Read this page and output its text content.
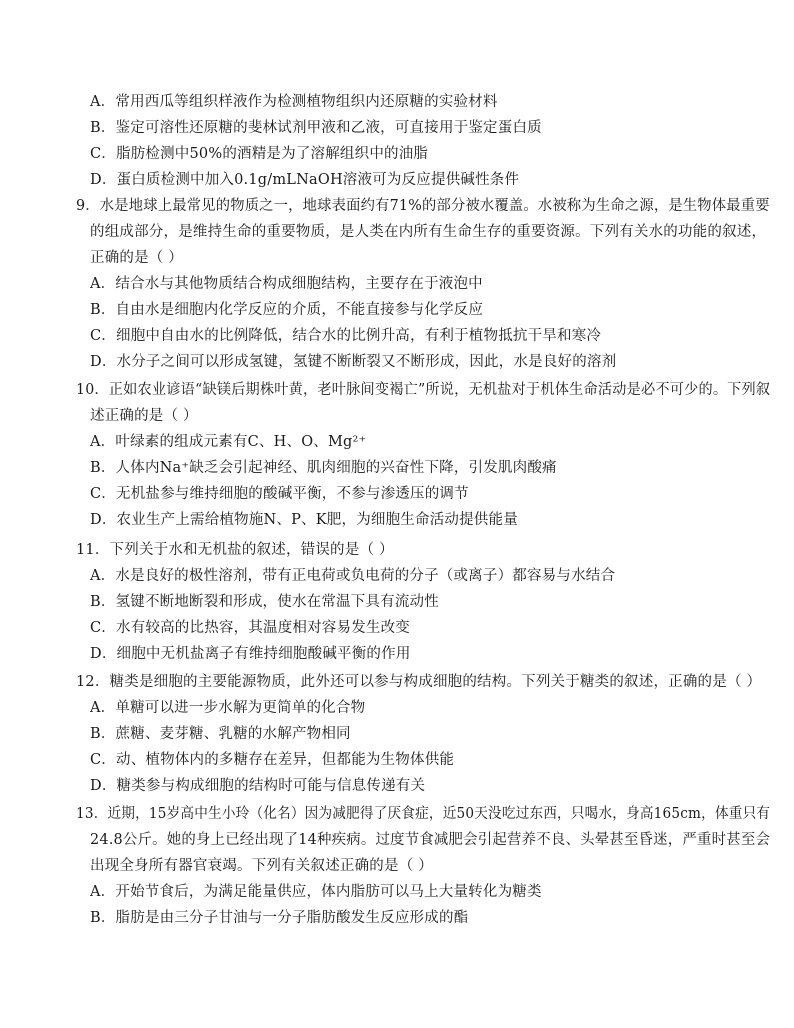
A．常用西瓜等组织样液作为检测植物组织内还原糖的实验材料
B．鉴定可溶性还原糖的斐林试剂甲液和乙液，可直接用于鉴定蛋白质
C．脂肪检测中50%的酒精是为了溶解组织中的油脂
D．蛋白质检测中加入0.1g/mLNaOH溶液可为反应提供碱性条件
9．水是地球上最常见的物质之一，地球表面约有71%的部分被水覆盖。水被称为生命之源，是生物体最重要
的组成部分，是维持生命的重要物质，是人类在内所有生命生存的重要资源。下列有关水的功能的叙述，
正确的是（ ）
A．结合水与其他物质结合构成细胞结构，主要存在于液泡中
B．自由水是细胞内化学反应的介质，不能直接参与化学反应
C．细胞中自由水的比例降低，结合水的比例升高，有利于植物抵抗干旱和寒冷
D．水分子之间可以形成氢键，氢键不断断裂又不断形成，因此，水是良好的溶剂
10．正如农业谚语“缺镁后期株叶黄，老叶脉间变褐亡”所说，无机盐对于机体生命活动是必不可少的。下列叙
述正确的是（ ）
A．叶绿素的组成元素有C、H、O、Mg²⁺
B．人体内Na⁺缺乏会引起神经、肌肉细胞的兴奋性下降，引发肌肉酸痛
C．无机盐参与维持细胞的酸碱平衡，不参与渗透压的调节
D．农业生产上需给植物施N、P、K肥，为细胞生命活动提供能量
11．下列关于水和无机盐的叙述，错误的是（ ）
A．水是良好的极性溶剂，带有正电荷或负电荷的分子（或离子）都容易与水结合
B．氢键不断地断裂和形成，使水在常温下具有流动性
C．水有较高的比热容，其温度相对容易发生改变
D．细胞中无机盐离子有维持细胞酸碱平衡的作用
12．糖类是细胞的主要能源物质，此外还可以参与构成细胞的结构。下列关于糖类的叙述，正确的是（ ）
A．单糖可以进一步水解为更简单的化合物
B．蔗糖、麦芽糖、乳糖的水解产物相同
C．动、植物体内的多糖存在差异，但都能为生物体供能
D．糖类参与构成细胞的结构时可能与信息传递有关
13．近期，15岁高中生小玲（化名）因为减肥得了厌食症，近50天没吃过东西，只喝水，身高165cm，体重只有
24.8公斤。她的身上已经出现了14种疾病。过度节食减肥会引起营养不良、头晕甚至昏迷，严重时甚至会
出现全身所有器官衰竭。下列有关叙述正确的是（ ）
A．开始节食后，为满足能量供应，体内脂肪可以马上大量转化为糖类
B．脂肪是由三分子甘油与一分子脂肪酸发生反应形成的酯
